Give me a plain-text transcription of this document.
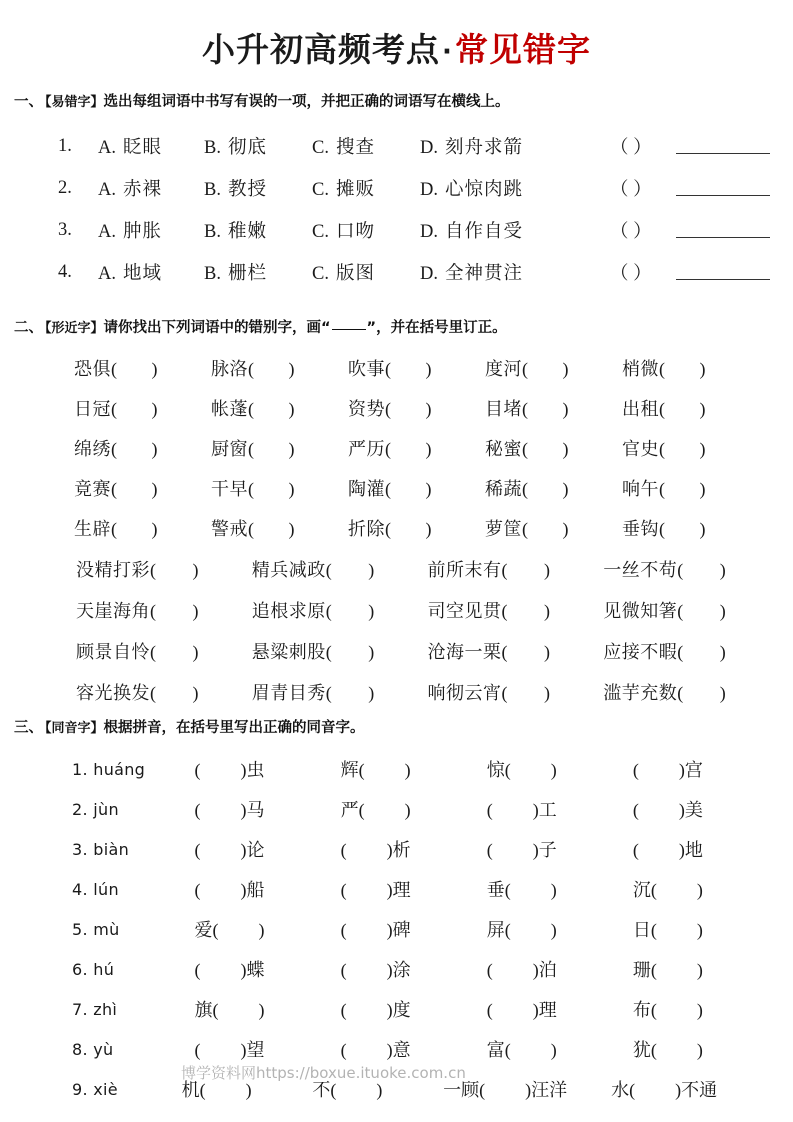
小升初高频考点·常见错字
一、 【易错字】选出每组词语中书写有误的一项，并把正确的词语写在横线上。
1.	A. 眨眼 B. 彻底 C. 搜查 D. 刻舟求箭	（ ）
2.	A. 赤裸 B. 教授 C. 摊贩 D. 心惊肉跳	（ ）
3.	A. 肿胀 B. 稚嫩 C. 口吻 D. 自作自受	（ ）
4.	A. 地域 B. 栅栏 C. 版图 D. 全神贯注	（ ）
二、 【形近字】请你找出下列词语中的错别字，画“ ”，并在括号里订正。
恐俱( )	脉洛( )	吹事( )	度河( )	梢微( )
日冠( )	帐蓬( )	资势( )	目堵( )	出租( )
绵绣( )	厨窗( )	严历( )	秘蜜( )	官史( )
竟赛( )	干早( )	陶灌( )	稀蔬( )	响午( )
生辟( )	警戒( )	折除( )	萝筐( )	垂钩( )
没精打彩( )	精兵减政( )	前所末有( )	一丝不苟( )
天崖海角( )	追根求原( )	司空见贯( )	见微知箸( )
顾景自怜( )	悬粱刺股( )	沧海一栗( )	应接不暇( )
容光换发( )	眉青目秀( )	响彻云宵( )	滥芋充数( )
三、 【同音字】根据拼音，在括号里写出正确的同音字。
1. huáng	( )虫	辉( )	惊( )	( )宫
2. jùn	( )马	严( )	( )工	( )美
3. biàn	( )论	( )析	( )子	( )地
4. lún	( )船	( )理	垂( )	沉( )
5. mù	爱( )	( )碑	屏( )	日( )
6. hú	( )蝶	( )涂	( )泊	珊( )
7. zhì	旗( )	( )度	( )理	布( )
8. yù	( )望	( )意	富( )	犹( )
9. xiè	机( )	不( )	一顾( )汪洋	水( )不通
博学资料网https://boxue.ituoke.com.cn
